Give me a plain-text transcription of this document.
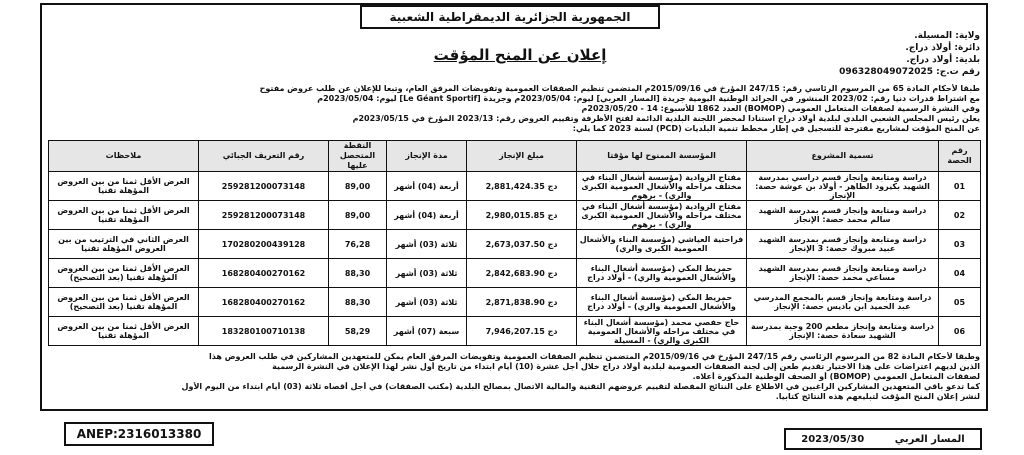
الجمهورية الجزائرية الديمقراطية الشعبية
ولاية: المسيلة.
دائرة: أولاد دراج.
بلدية: أولاد دراج.
رقم ت.ج: 096328049072025
إعلان عن المنح المؤقت
طبقا لأحكام المادة 65 من المرسوم الرئاسي رقم: 247/15 المؤرخ في 2015/09/16م المتضمن تنظيم الصفقات العمومية وتفويضات المرفق العام، وتبعا للإعلان عن طلب عروض مفتوح
مع اشتراط قدرات دنيا رقم: 2023/02 المنشور في الجرائد الوطنية اليومية جريدة [المسار العربي] ليوم: 2023/05/04م وجريدة [Le Géant Sportif] ليوم: 2023/05/04م
وفي النشرة الرسمية لصفقات المتعامل العمومي (BOMOP) العدد 1862 للأسبوع: 14 - 2023/05/20م
يعلن رئيس المجلس الشعبي البلدي لبلدية أولاد دراج استنادا لمحضر اللجنة البلدية الدائمة لفتح الأظرفة وتقييم العروض رقم: 2023/13 المؤرخ في 2023/05/15م
عن المنح المؤقت لمشاريع مقترحة للتسجيل في إطار مخطط تنمية البلديات (PCD) لسنة 2023 كما يلي:
رقم الحصة	تسمية المشروع	المؤسسة الممنوح لها مؤقتا	مبلغ الإنجاز	مدة الإنجاز	النقطة المتحصل عليها	رقم التعريف الجبائي	ملاحظات
01	دراسة ومتابعة وإنجاز قسم دراسي بمدرسة الشهيد بكيرود الطاهر - أولاد بن عوشة حصة: الإنجاز	مفتاح الزوادية (مؤسسة أشغال البناء في مختلف مراحله والأشغال العمومية الكبرى والري) - برهوم	2,881,424.35 دج	أربعة (04) أشهر	89,00	259281200073148	العرض الأقل ثمنا من بين العروض المؤهلة تقنيا
02	دراسة ومتابعة وإنجاز قسم بمدرسة الشهيد سالم محمد حصة: الإنجاز	مفتاح الزوادية (مؤسسة أشغال البناء في مختلف مراحله والأشغال العمومية الكبرى والري) - برهوم	2,980,015.85 دج	أربعة (04) أشهر	89,00	259281200073148	العرض الأقل ثمنا من بين العروض المؤهلة تقنيا
03	دراسة ومتابعة وإنجاز قسم بمدرسة الشهيد عبيد مبروك حصة: 3 الإنجاز	فراحتية العياشي (مؤسسة البناء والأشغال العمومية الكبرى والري)	2,673,037.50 دج	ثلاثة (03) أشهر	76,28	170280200439128	العرض الثاني في الترتيب من بين العروض المؤهلة تقنيا
04	دراسة ومتابعة وإنجاز قسم بمدرسة الشهيد مساعي محمد حصة: الإنجاز	حمريط المكي (مؤسسة أشغال البناء والأشغال العمومية والري) - أولاد دراج	2,842,683.90 دج	ثلاثة (03) أشهر	88,30	168280400270162	العرض الأقل ثمنا من بين العروض المؤهلة تقنيا (بعد التصحيح)
05	دراسة ومتابعة وإنجاز قسم بالمجمع المدرسي عبد الحميد ابن باديس حصة: الإنجاز	حمريط المكي (مؤسسة أشغال البناء والأشغال العمومية والري) - أولاد دراج	2,871,838.90 دج	ثلاثة (03) أشهر	88,30	168280400270162	العرض الأقل ثمنا من بين العروض المؤهلة تقنيا (بعد التصحيح)
06	دراسة ومتابعة وإنجاز مطعم 200 وجبة بمدرسة الشهيد سعادة حصة: الإنجاز	حاج حفصي محمد (مؤسسة أشغال البناء في مختلف مراحله والأشغال العمومية الكبرى والري) - المسيلة	7,946,207.15 دج	سبعة (07) أشهر	58,29	183280100710138	العرض الأقل ثمنا من بين العروض المؤهلة تقنيا
وطبقا لأحكام المادة 82 من المرسوم الرئاسي رقم 247/15 المؤرخ في 2015/09/16م المتضمن تنظيم الصفقات العمومية وتفويضات المرفق العام يمكن للمتعهدين المشاركين في طلب العروض هذا
الذين لديهم اعتراضات على هذا الاختيار تقديم طعن إلى لجنة الصفقات العمومية لبلدية أولاد دراج خلال أجل عشرة (10) أيام ابتداء من تاريخ أول نشر لهذا الإعلان في النشرة الرسمية
لصفقات المتعامل العمومي (BOMOP) أو الصحف الوطنية المذكورة أعلاه.
كما تدعو باقي المتعهدين المشاركين الراغبين في الاطلاع على النتائج المفصلة لتقييم عروضهم التقنية والمالية الاتصال بمصالح البلدية (مكتب الصفقات) في أجل أقصاه ثلاثة (03) أيام ابتداء من اليوم الأول
لنشر إعلان المنح المؤقت لتبليغهم هذه النتائج كتابيا.
ANEP:2316013380	2023/05/30	المسار العربي
